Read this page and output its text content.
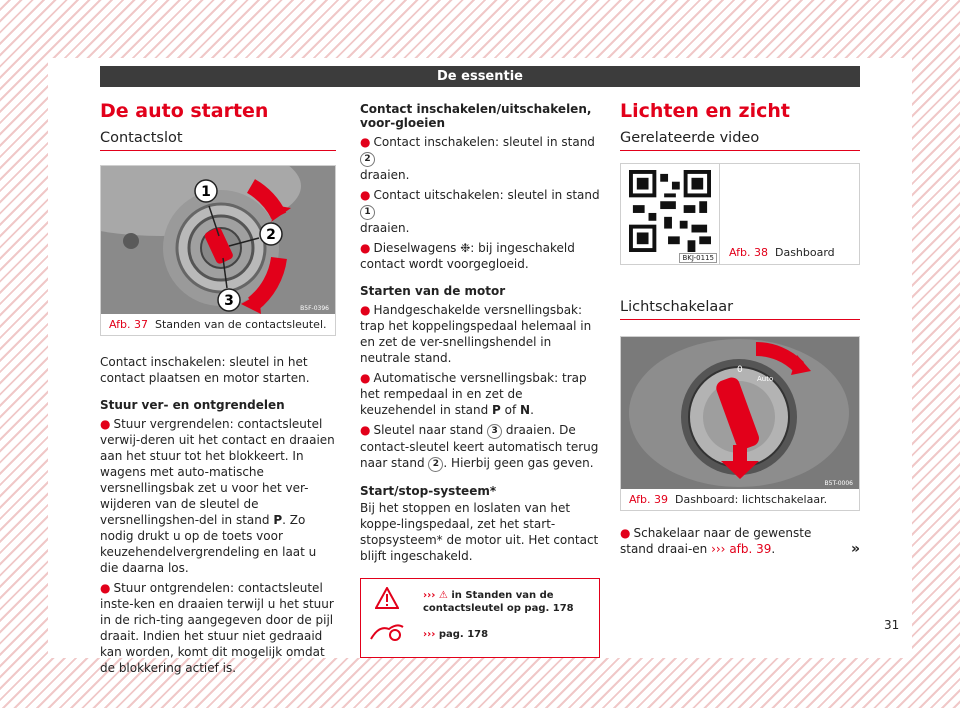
De essentie
De auto starten
Contactslot
1
2
3	B5F-0396
Afb. 37 Standen van de contactsleutel.

Contact inschakelen: sleutel in het contact plaatsen en motor starten.

Stuur ver- en ontgrendelen
● Stuur vergrendelen: contactsleutel verwij-deren uit het contact en draaien aan het stuur tot het blokkeert. In wagens met auto-matische versnellingsbak zet u voor het ver-wijderen van de sleutel de versnellingshen-del in stand P. Zo nodig drukt u op de toets voor keuzehendelvergrendeling en laat u die daarna los.
● Stuur ontgrendelen: contactsleutel inste-ken en draaien terwijl u het stuur in de rich-ting aangegeven door de pijl draait. Indien het stuur niet gedraaid kan worden, komt dit mogelijk omdat de blokkering actief is.
Contact inschakelen/uitschakelen, voor-gloeien
● Contact inschakelen: sleutel in stand 2
draaien.
● Contact uitschakelen: sleutel in stand 1
draaien.
● Dieselwagens ❉: bij ingeschakeld contact wordt voorgegloeid.
Starten van de motor
● Handgeschakelde versnellingsbak: trap het koppelingspedaal helemaal in en zet de ver-snellingshendel in neutrale stand.
● Automatische versnellingsbak: trap het rempedaal in en zet de keuzehendel in stand P of N.
● Sleutel naar stand 3 draaien. De contact-sleutel keert automatisch terug naar stand 2 . Hierbij geen gas geven.
Start/stop-systeem*

Bij het stoppen en loslaten van het koppe-lingspedaal, zet het start-stopsysteem* de motor uit. Het contact blijft ingeschakeld.

››› ⚠ in Standen van de contactsleutel op pag. 178
››› pag. 178
Lichten en zicht
Gerelateerde video
BKJ-0115	Afb. 38 Dashboard
Lichtschakelaar
0
Auto
B5T-0006
Afb. 39 Dashboard: lichtschakelaar.
● Schakelaar naar de gewenste stand draai-en ››› afb. 39.	»
31
